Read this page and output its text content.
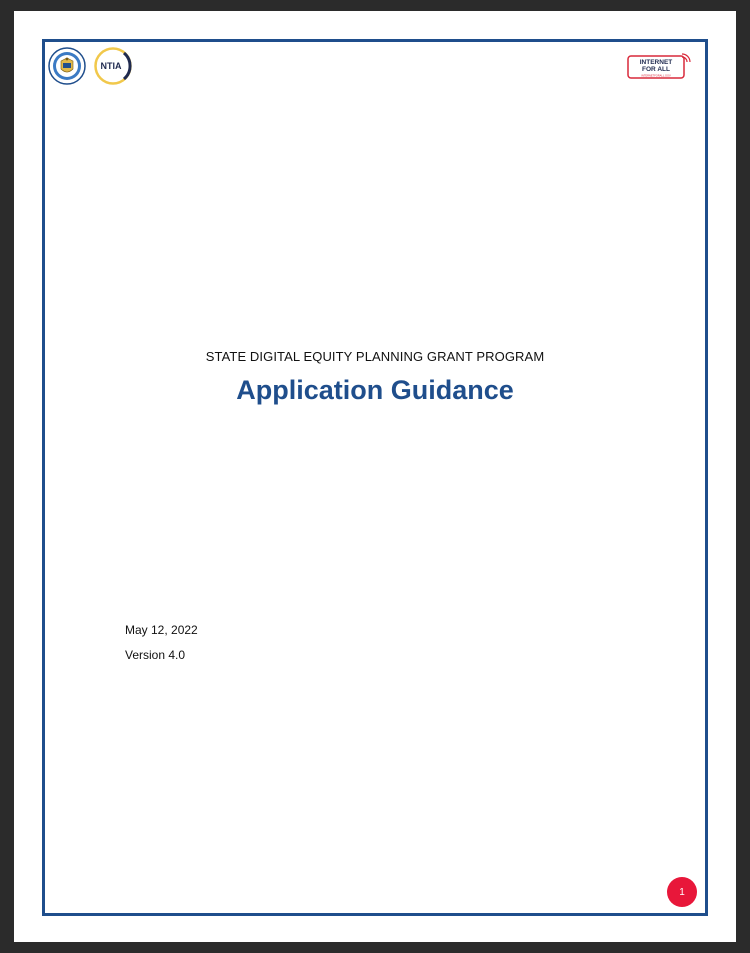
NTIA	INTERNET
FOR ALL
INTERNETFORALL.GOV
STATE DIGITAL EQUITY PLANNING GRANT PROGRAM
Application Guidance
May 12, 2022
Version 4.0
1
